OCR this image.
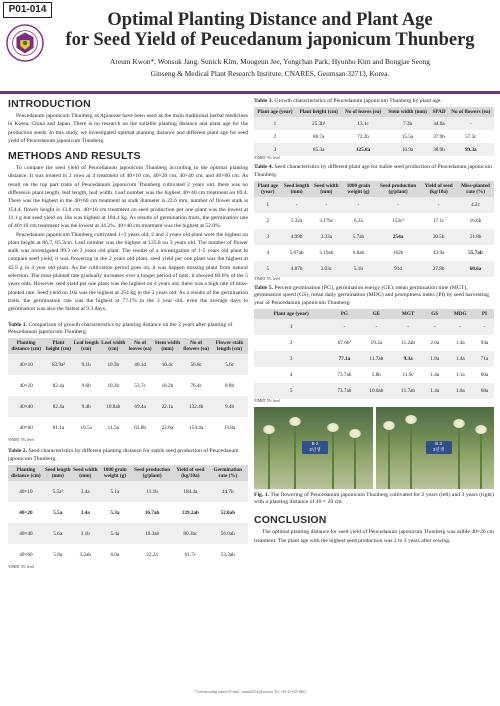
P01-014
Optimal Planting Distance and Plant Age
for Seed Yield of Peucedanum japonicum Thunberg
Areum Kwon*, Wonsuk Jang, Sunick Kim, Moogeun Jee, Yongchan Park, Hyunho Kim and Bongjae Seong
Ginseng & Medical Plant Research Institute, CNARES, Geumsan 32713, Korea.
INTRODUCTION

Peucedanum japonicum Thunberg as Apiaceae have been used as the main traditional herbal medicines in Korea, China and Japan. There is no research on the suitable planting distance and plant age for the production seeds. In this study, we investigated optimal planting distance and different plant age for seed yield of Peucedanum japonicum Thunberg.

METHODS AND RESULTS

To compare the seed yield of Peucedanum japonicum Thunberg according to the optimal planting distance. It was treated in 2 rows at 4 treatment of 40×10 cm, 40×20 cm, 40×40 cm, and 40×60 cm. As result on the top part traits of Peucedanum japonicum Thunberg cultivated 2 years old, there was no difference plant length, leaf length, leaf width. Leaf number was the highest 40×40 cm treatment on 69.4. There was the highest in the 40×60 cm treatment as stalk diameter is 22.6 mm, number of flower stalk is 154.4, flower height is 13.8 cm. 40×10 cm treatment on seed production per one plant was the lowest at 11.1 g but seed yield on 10a was highest at 184.4 kg. As results of germination traits, the germination rate of 40×10 cm treatment was the lowest at 44.2%. 40×40 cm treatment was the highest at 52.0%.

Peucedanum japonicum Thunberg cultivated 1~3 years old, 2 and 3 years old plant were the highest on plant height at 86.7, 85.3cm. Leaf number was the highest at 125.8 on 3 years old. The number of flower stalk was investigated 99.3 on 3 years old plant. The results of a investigation of 1-5 years old plant to compare seed yield, it was flowering in the 2 years old plant, seed yield per one plant was the highest at 43.9 g in 4 year old plant. As the cultivation period goes on, it was happen missing plant from natural selection. The miss-planted rate gradually increases over a longer period of time, it showed 60.6% of the 5 years olds. However seed yield per one plant was the highest on 4 years old, there was a high rate of miss-planted rate. Seed yield on 10a was the highest at 254 kg in the 3 years old. As a results of the germination traits, the germination rate was the highest at 77.1% in the 3 year old, even the average days to germination was also the fastest at 9.3 days.

Table 1. Comparison of growth characteristics by planting distance on the 2 years after planting of Peucedanum japonicum Thunberg.

Planting distance (cm)	Plant height (cm)	Leaf length (cm)	Leaf width (cm)	No of leaves (ea)	Stem width (mm)	No of flowers (ea)	Flower stalk length (cm)
40×10	83.9a²	9.1b	10.3b	46.1d	16.4c	56.8c	5.6c
40×20	82.4a	9.6b	10.2b	53.7c	18.2b	76.4c	8.8b
40×40	82.4a	9.4b	10.8ab	69.4a	22.1a	132.4b	9.4b
40×60	81.1a	10.5a	11.5a	62.8b	22.6a	154.4a	13.8a

²DMRT 5% level

Table 2. Seed characteristics by different planting distance for stable seed production of Peucedanum japonicum Thunberg.

Planting distance (cm)	Seed length (mm)	Seed width (mm)	1000 grain weight (g)	Seed production (g/plant)	Yield of seed (kg/10a)	Germination rate (%)
40×10	5.5a²	3.4a	5.1a	11.1b	184.4a	44.7b
40×20	5.5a	3.4a	5.3a	16.7ab	139.2ab	52.0ab
40×40	5.6a	3.1b	5.4a	19.3ab	80.3bc	56.0ab
40×60	5.8a	3.2ab	6.0a	22.2a	61.7c	53.3ab

²DMRT 5% level

Table 3. Growth characteristics of Peucedanum japonicum Thunberg by plant age.

Plant age (year)	Plant height (cm)	No of leaves (ea)	Stem width (mm)	SPAD	No of flowers (ea)
1	25.3b²	13.1c	7.3b	44.8a	-
2	86.7a	72.2b	15.5a	37.9b	57.3c
3	85.3a	125.8a	16.9a	38.9b	99.3a

²DMRT 5% level

Table 4. Seed characteristics by different plant age for stable seed production of Peucedanum japonicum Thunberg.

Plant age (year)	Seed length (mm)	Seed width (mm)	1000 grain weight (g)	Seed production (g/plant)	Yield of seed (kg/10a)	Miss-planted rate (%)
1	-	-	-	-	-	4.2c
2	5.32a	3.17bc	6.2a	153c²	17.1c	16.6b
3	4.99b	3.33a	5.7ab	254a	30.5b	21.8b
4	5.07ab	3.19ab	6.8ab	162b	43.9a	55.7ab
5	4.87b	3.03c	5.1b	91d	27.8b	60.6a

²DMRT 5% level

Table 5. Percent germination (PG), germination energy (GE), mean germination time (MGT), germination speed (GS), mean daily germination (MDG) and promptness index (PI) by seed harvesting year of Peucedanum japonicum Thunberg.

Plant age (year)	PG	GE	MGT	GS	MDG	PI
1	-	-	-	-	-	-
2	67.6b²	19.2a	11.2ab	2.0a	1.4a	94a
3	77.1a	11.7ab	9.3a	1.8a	1.4a	71a
4	73.7ab	5.8b	11.9c	1.4a	1.1a	60a
5	73.7ab	10.0ab	11.7ab	1.4a	1.0a	68a

²DMRT 5% level

B 2
2년생
B 3
3년생

Fig. 1. The flowering of Peucedanum japonicum Thunberg cultivated for 2 years (left) and 3 years (right) with a planting distance of 40 × 20 cm.

CONCLUSION

The optimal planting distance for seed yield of Peucedanum japonicum Thunberg was arible 40×20 cm treatment. The plant age with the highest seed production was 2 to 3 years after sowing.

*Corresponding author) E-mail : areum0214@korea.kr Tel: +82-41-635-6462
